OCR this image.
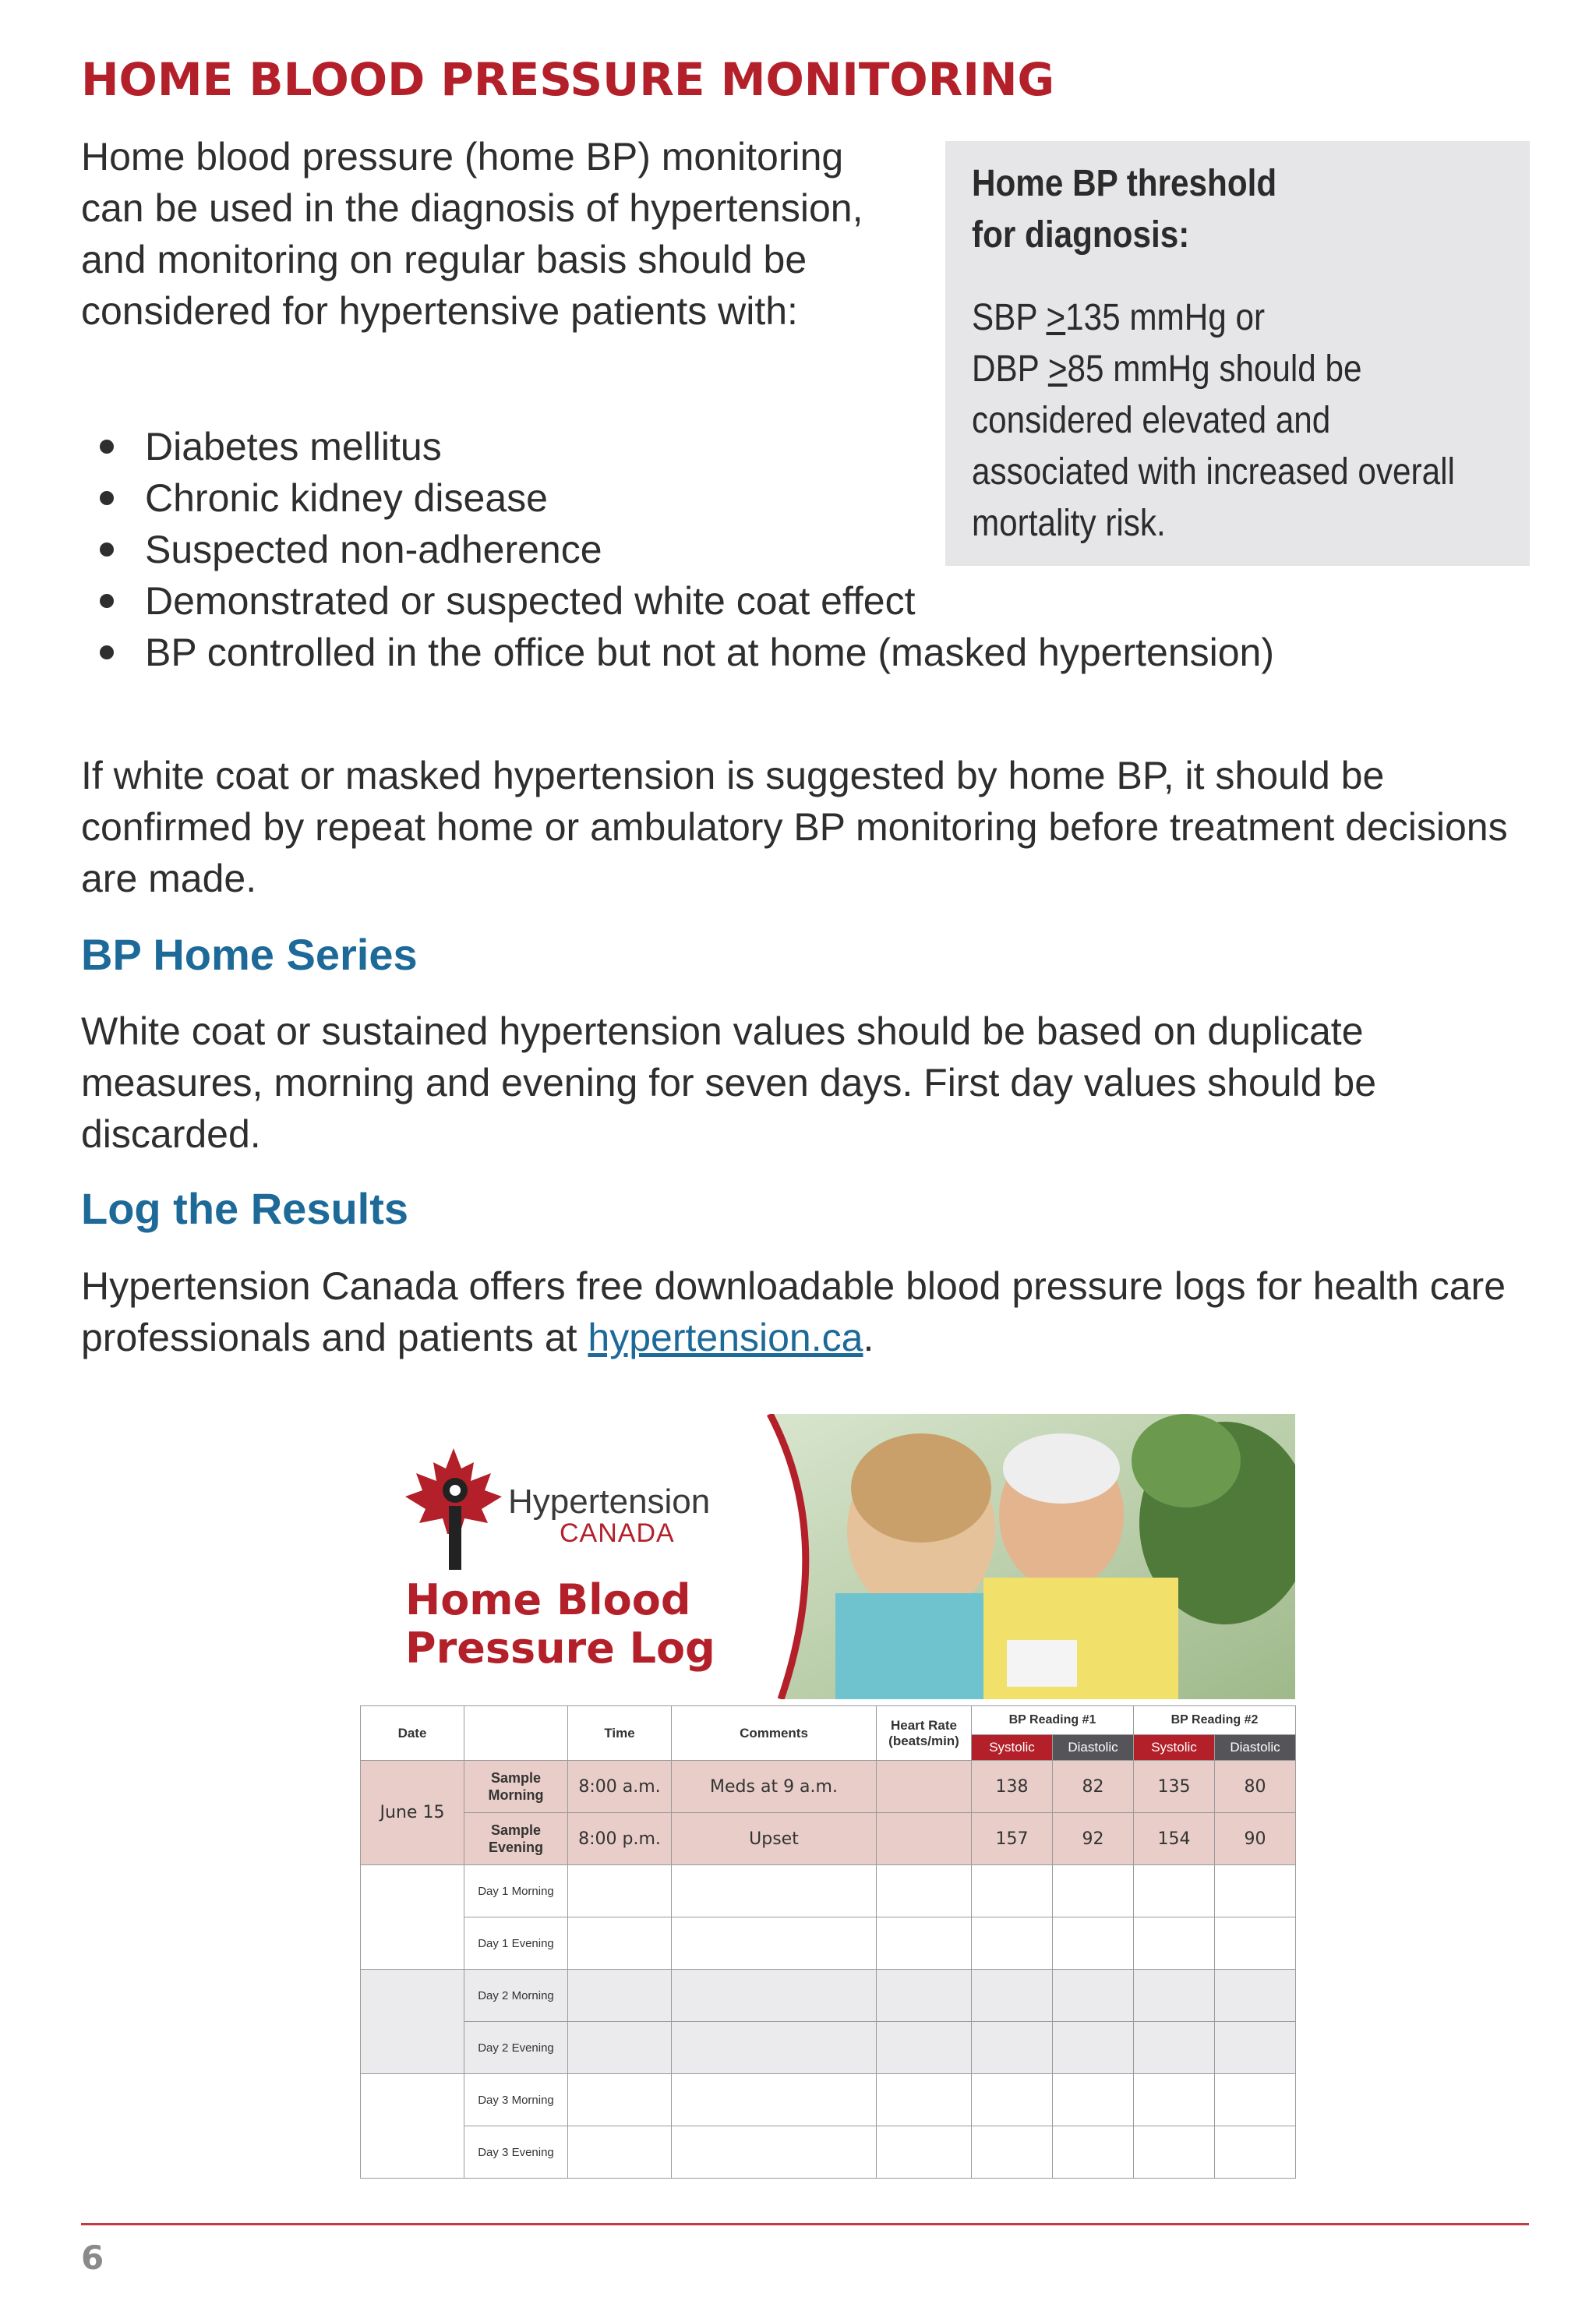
HOME BLOOD PRESSURE MONITORING

Home blood pressure (home BP) monitoring can be used in the diagnosis of hypertension, and monitoring on regular basis should be considered for hypertensive patients with:

Home BP threshold for diagnosis:

SBP ≥135 mmHg or
DBP ≥85 mmHg should be considered elevated and associated with increased overall mortality risk.

Diabetes mellitus
Chronic kidney disease
Suspected non-adherence
Demonstrated or suspected white coat effect
BP controlled in the office but not at home (masked hypertension)

If white coat or masked hypertension is suggested by home BP, it should be confirmed by repeat home or ambulatory BP monitoring before treatment decisions are made.

BP Home Series

White coat or sustained hypertension values should be based on duplicate measures, morning and evening for seven days. First day values should be discarded.

Log the Results

Hypertension Canada offers free downloadable blood pressure logs for health care professionals and patients at hypertension.ca.

Hypertension
CANADA
Home Blood
Pressure Log
Date		Time	Comments	Heart Rate (beats/min)	BP Reading #1		BP Reading #2	
					Systolic	Diastolic	Systolic	Diastolic
June 15	Sample Morning	8:00 a.m.	Meds at 9 a.m.		138	82	135	80
	Sample Evening	8:00 p.m.	Upset		157	92	154	90
	Day 1 Morning							
	Day 1 Evening							
	Day 2 Morning							
	Day 2 Evening							
	Day 3 Morning							
	Day 3 Evening							

6
